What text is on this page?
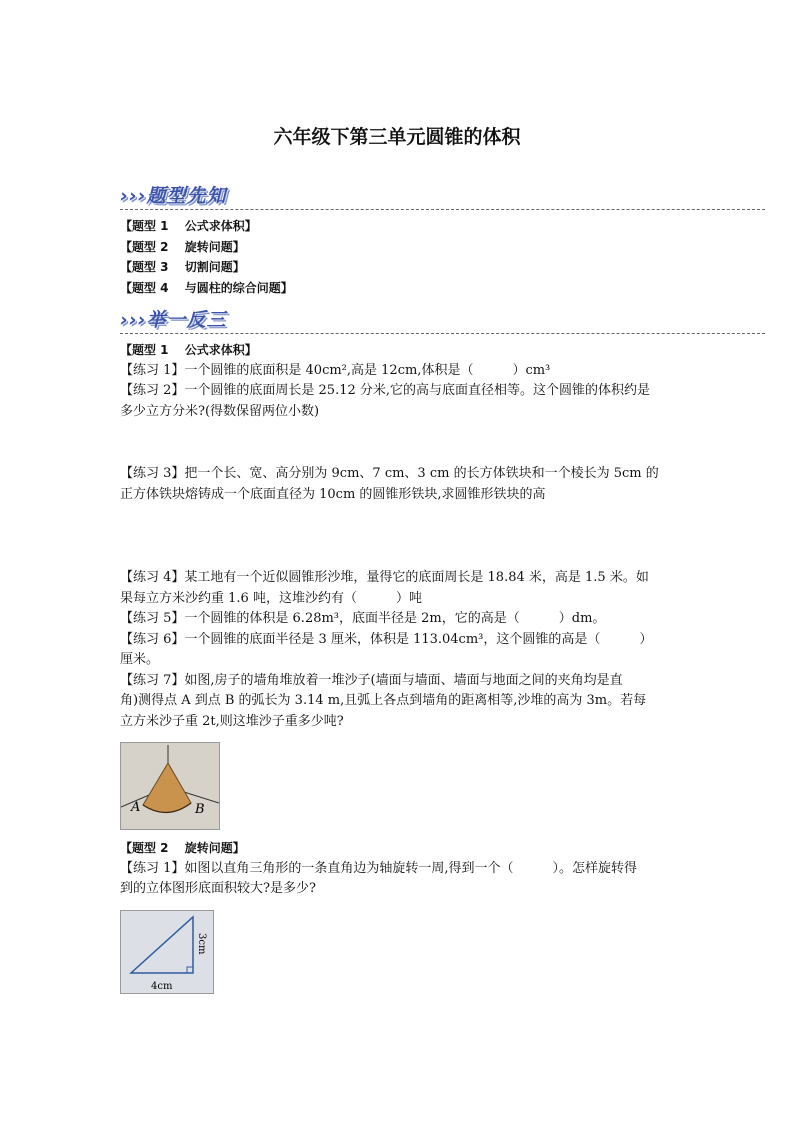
六年级下第三单元圆锥的体积
›››题型先知
【题型 1　 公式求体积】
【题型 2　 旋转问题】
【题型 3　 切割问题】
【题型 4　 与圆柱的综合问题】
›››举一反三
【题型 1　 公式求体积】
【练习 1】一个圆锥的底面积是 40cm²,高是 12cm,体积是（　　　）cm³
【练习 2】一个圆锥的底面周长是 25.12 分米,它的高与底面直径相等。这个圆锥的体积约是
多少立方分米?(得数保留两位小数)
【练习 3】把一个长、宽、高分别为 9cm、7 cm、3 cm 的长方体铁块和一个棱长为 5cm 的
正方体铁块熔铸成一个底面直径为 10cm 的圆锥形铁块,求圆锥形铁块的高
【练习 4】某工地有一个近似圆锥形沙堆，量得它的底面周长是 18.84 米，高是 1.5 米。如
果每立方米沙约重 1.6 吨，这堆沙约有（　　　）吨
【练习 5】一个圆锥的体积是 6.28m³，底面半径是 2m，它的高是（　　　）dm。
【练习 6】一个圆锥的底面半径是 3 厘米，体积是 113.04cm³，这个圆锥的高是（　　　）
厘米。
【练习 7】如图,房子的墙角堆放着一堆沙子(墙面与墙面、墙面与地面之间的夹角均是直
角)测得点 A 到点 B 的弧长为 3.14 m,且弧上各点到墙角的距离相等,沙堆的高为 3m。若每
立方米沙子重 2t,则这堆沙子重多少吨?
A	B
【题型 2　 旋转问题】
【练习 1】如图以直角三角形的一条直角边为轴旋转一周,得到一个（　　　）。怎样旋转得
到的立体图形底面积较大?是多少?
4cm
3cm
